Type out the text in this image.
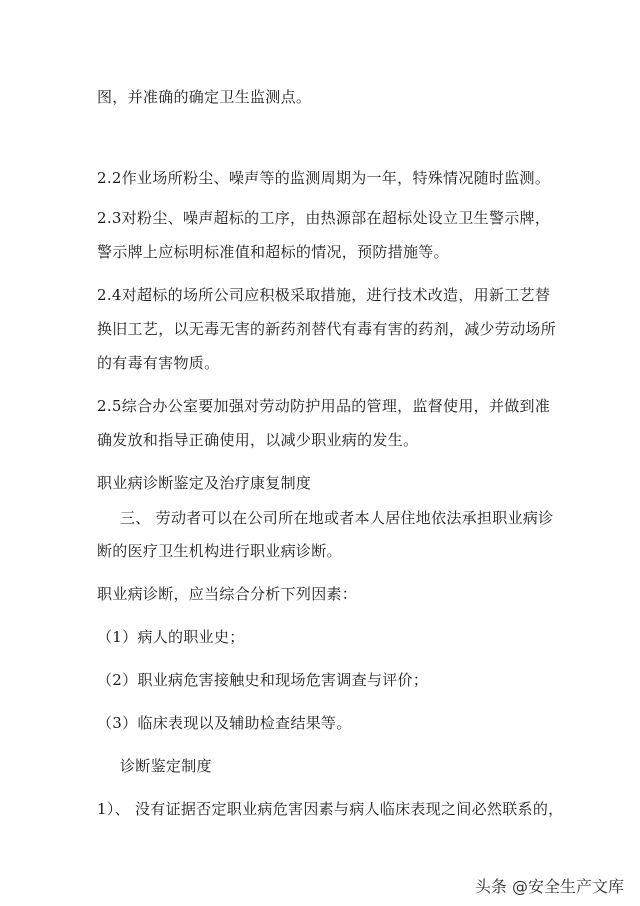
图，并准确的确定卫生监测点。

2.2作业场所粉尘、噪声等的监测周期为一年，特殊情况随时监测。

2.3对粉尘、噪声超标的工序，由热源部在超标处设立卫生警示牌，

警示牌上应标明标准值和超标的情况，预防措施等。

2.4对超标的场所公司应积极采取措施，进行技术改造，用新工艺替

换旧工艺，以无毒无害的新药剂替代有毒有害的药剂，减少劳动场所

的有毒有害物质。

2.5综合办公室要加强对劳动防护用品的管理，监督使用，并做到准

确发放和指导正确使用，以减少职业病的发生。

职业病诊断鉴定及治疗康复制度

三、 劳动者可以在公司所在地或者本人居住地依法承担职业病诊

断的医疗卫生机构进行职业病诊断。

职业病诊断，应当综合分析下列因素：

（1）病人的职业史；

（2）职业病危害接触史和现场危害调查与评价；

（3）临床表现以及辅助检查结果等。

诊断鉴定制度

1）、 没有证据否定职业病危害因素与病人临床表现之间必然联系的，

头条 @安全生产文库
